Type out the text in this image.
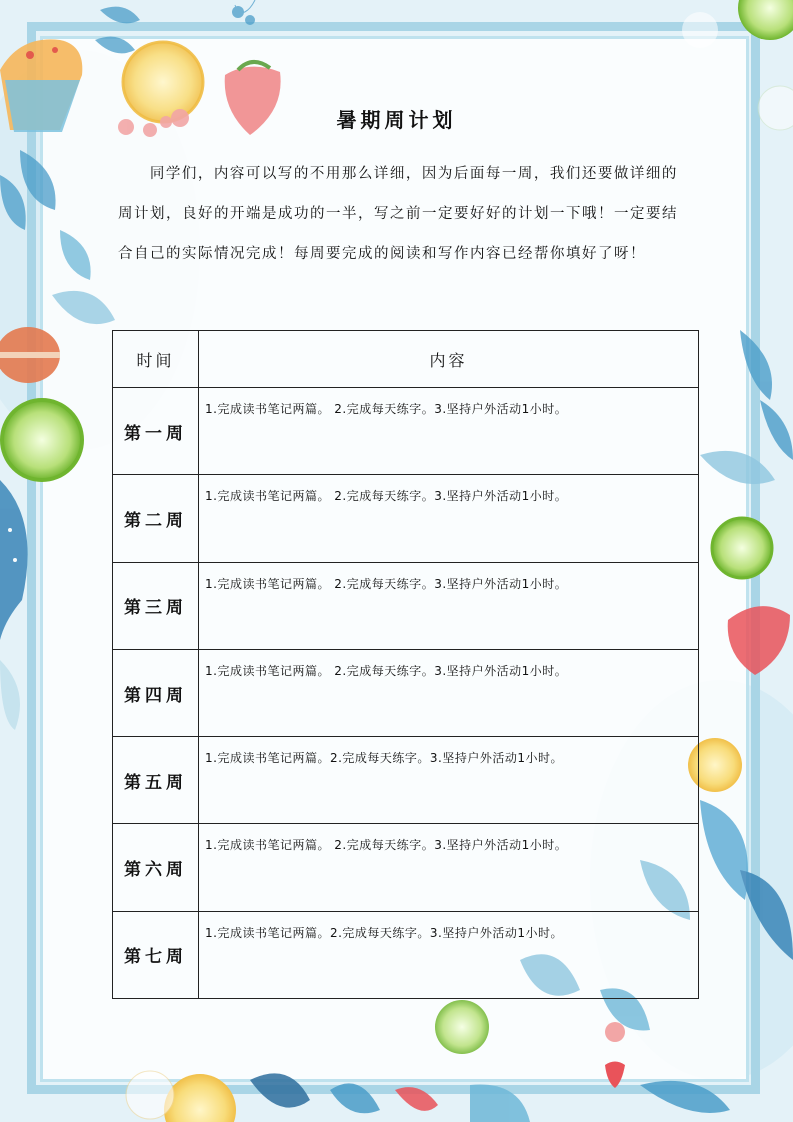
暑期周计划
同学们，内容可以写的不用那么详细，因为后面每一周，我们还要做详细的周计划，良好的开端是成功的一半，写之前一定要好好的计划一下哦！一定要结合自己的实际情况完成！每周要完成的阅读和写作内容已经帮你填好了呀！
时间	内容
第一周	1.完成读书笔记两篇。 2.完成每天练字。3.坚持户外活动1小时。
第二周	1.完成读书笔记两篇。 2.完成每天练字。3.坚持户外活动1小时。
第三周	1.完成读书笔记两篇。 2.完成每天练字。3.坚持户外活动1小时。
第四周	1.完成读书笔记两篇。 2.完成每天练字。3.坚持户外活动1小时。
第五周	1.完成读书笔记两篇。2.完成每天练字。3.坚持户外活动1小时。
第六周	1.完成读书笔记两篇。 2.完成每天练字。3.坚持户外活动1小时。
第七周	1.完成读书笔记两篇。2.完成每天练字。3.坚持户外活动1小时。
